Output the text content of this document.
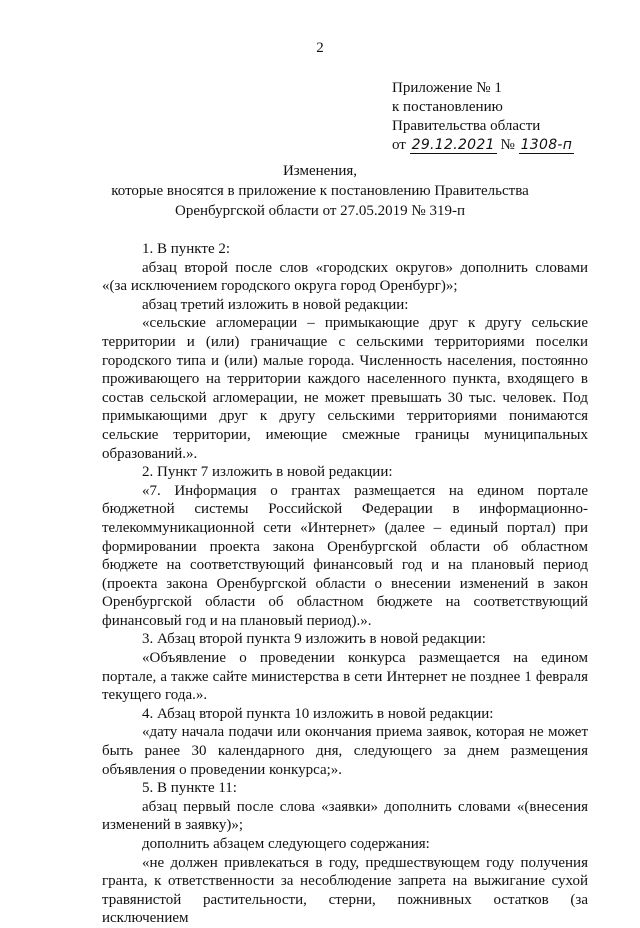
2
Приложение № 1
к постановлению
Правительства области
от 29.12.2021 № 1308-п
Изменения,
которые вносятся в приложение к постановлению Правительства
Оренбургской области от 27.05.2019 № 319-п

1. В пункте 2:

абзац второй после слов «городских округов» дополнить словами «(за исключением городского округа город Оренбург)»;

абзац третий изложить в новой редакции:

«сельские агломерации – примыкающие друг к другу сельские территории и (или) граничащие с сельскими территориями поселки городского типа и (или) малые города. Численность населения, постоянно проживающего на территории каждого населенного пункта, входящего в состав сельской агломерации, не может превышать 30 тыс. человек. Под примыкающими друг к другу сельскими территориями понимаются сельские территории, имеющие смежные границы муниципальных образований.».

2. Пункт 7 изложить в новой редакции:

«7. Информация о грантах размещается на едином портале бюджетной системы Российской Федерации в информационно-телекоммуникационной сети «Интернет» (далее – единый портал) при формировании проекта закона Оренбургской области об областном бюджете на соответствующий финансовый год и на плановый период (проекта закона Оренбургской области о внесении изменений в закон Оренбургской области об областном бюджете на соответствующий финансовый год и на плановый период).».

3. Абзац второй пункта 9 изложить в новой редакции:

«Объявление о проведении конкурса размещается на едином портале, а также сайте министерства в сети Интернет не позднее 1 февраля текущего года.».

4. Абзац второй пункта 10 изложить в новой редакции:

«дату начала подачи или окончания приема заявок, которая не может быть ранее 30 календарного дня, следующего за днем размещения объявления о проведении конкурса;».

5. В пункте 11:

абзац первый после слова «заявки» дополнить словами «(внесения изменений в заявку)»;

дополнить абзацем следующего содержания:

«не должен привлекаться в году, предшествующем году получения гранта, к ответственности за несоблюдение запрета на выжигание сухой травянистой растительности, стерни, пожнивных остатков (за исключением
